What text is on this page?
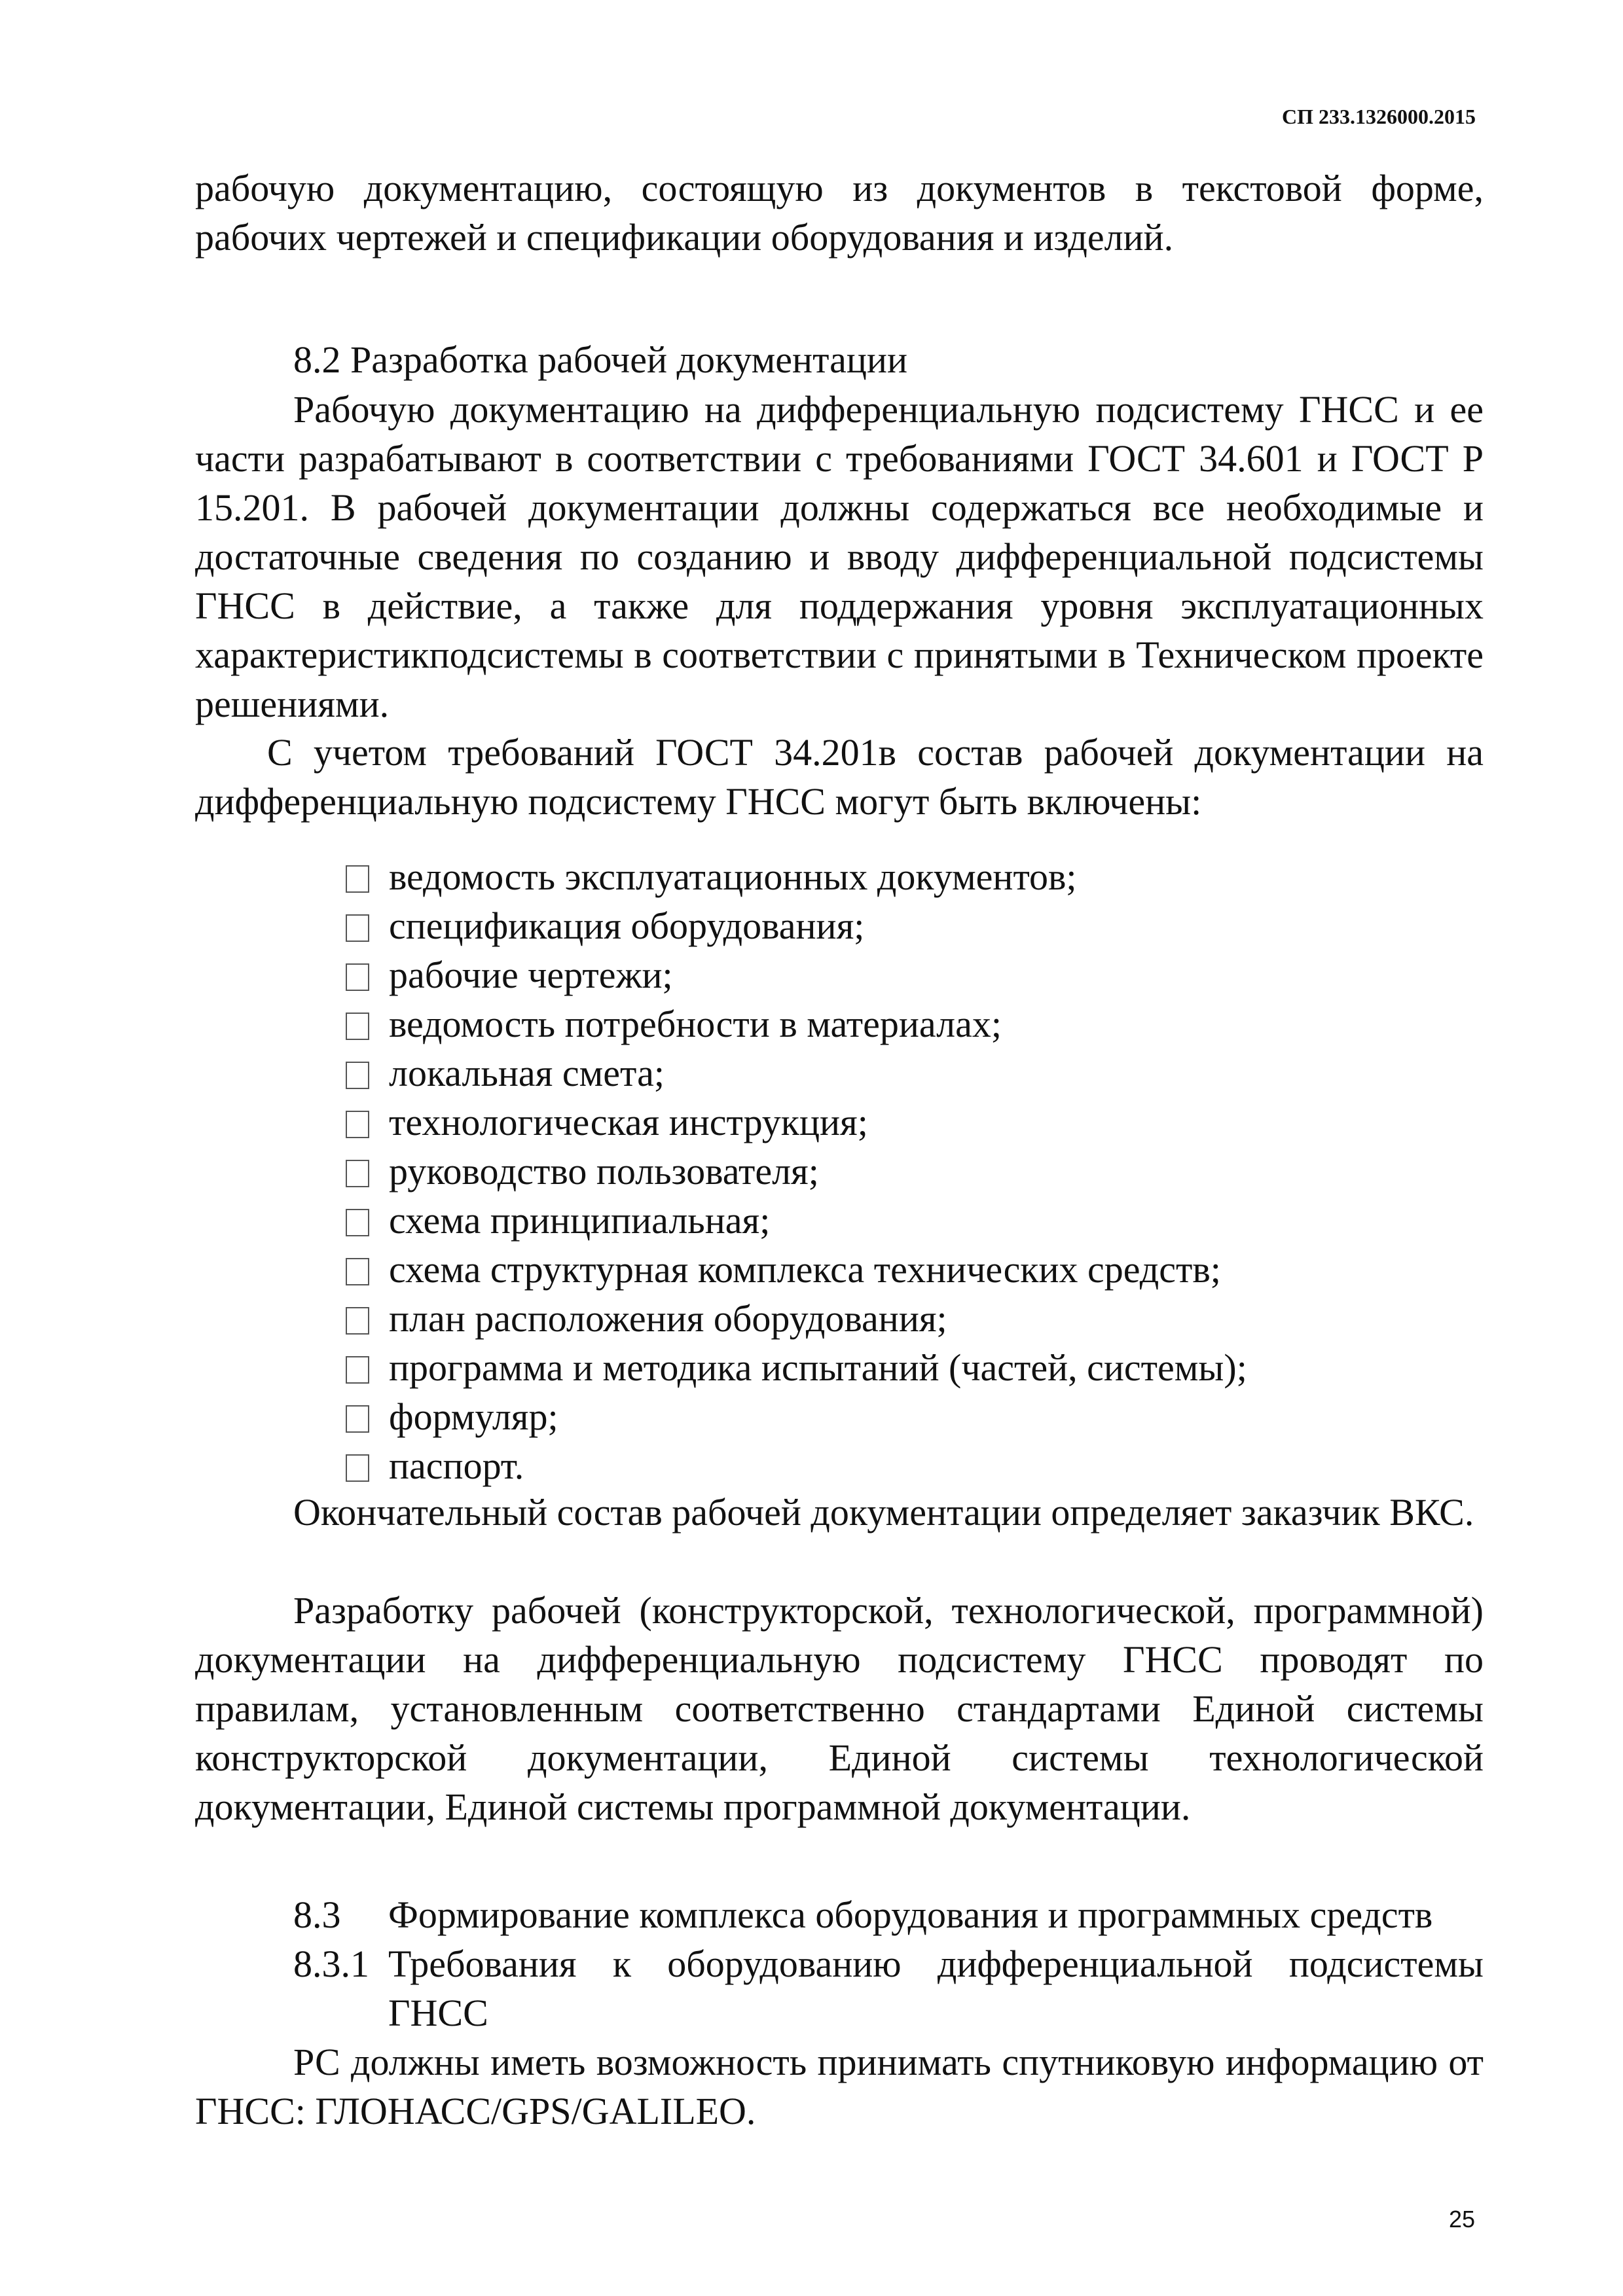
СП 233.1326000.2015

рабочую документацию, состоящую из документов в текстовой форме, рабочих чертежей и спецификации оборудования и изделий.

8.2 Разработка рабочей документации

Рабочую документацию на дифференциальную подсистему ГНСС и ее части разрабатывают в соответствии с требованиями ГОСТ 34.601 и ГОСТ Р 15.201. В рабочей документации должны содержаться все необходимые и достаточные сведения по созданию и вводу дифференциальной подсистемы ГНСС в действие, а также для поддержания уровня эксплуатационных характеристикподсистемы в соответствии с принятыми в Техническом проекте решениями.

С учетом требований ГОСТ 34.201в состав рабочей документации на дифференциальную подсистему ГНСС могут быть включены:

ведомость эксплуатационных документов;
спецификация оборудования;
рабочие чертежи;
ведомость потребности в материалах;
локальная смета;
технологическая инструкция;
руководство пользователя;
схема принципиальная;
схема структурная комплекса технических средств;
план расположения оборудования;
программа и методика испытаний (частей, системы);
формуляр;
паспорт.

Окончательный состав рабочей документации определяет заказчик ВКС.

Разработку рабочей (конструкторской, технологической, программной) документации на дифференциальную подсистему ГНСС проводят по правилам, установленным соответственно стандартами Единой системы конструкторской документации, Единой системы технологической документации, Единой системы программной документации.

8.3 Формирование комплекса оборудования и программных средств

8.3.1 Требования к оборудованию дифференциальной подсистемы ГНСС

РС должны иметь возможность принимать спутниковую информацию от ГНСС: ГЛОНАСС/GPS/GALILEO.

25
